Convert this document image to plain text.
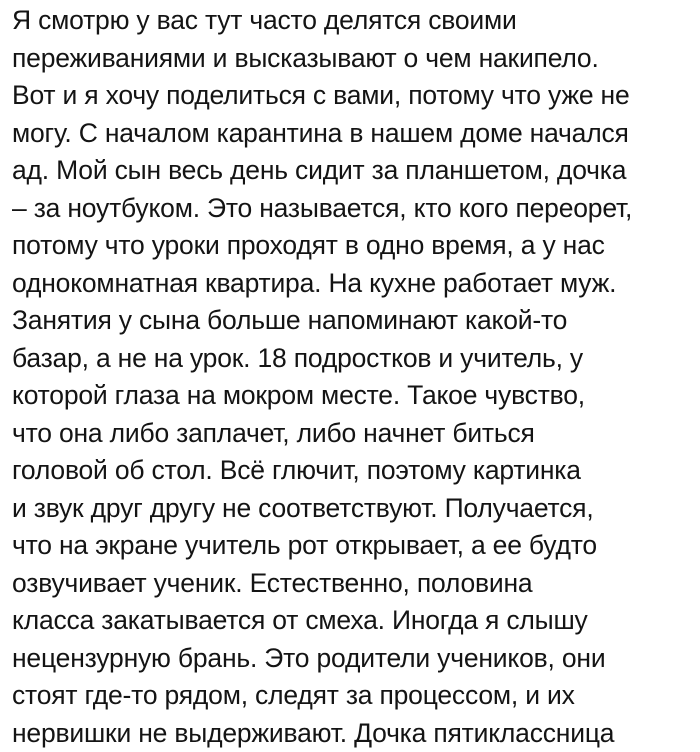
Я смотрю у вас тут часто делятся своими
переживаниями и высказывают о чем накипело.
Вот и я хочу поделиться с вами, потому что уже не
могу. С началом карантина в нашем доме начался
ад. Мой сын весь день сидит за планшетом, дочка
– за ноутбуком. Это называется, кто кого переорет,
потому что уроки проходят в одно время, а у нас
однокомнатная квартира. На кухне работает муж.
Занятия у сына больше напоминают какой-то
базар, а не на урок. 18 подростков и учитель, у
которой глаза на мокром месте. Такое чувство,
что она либо заплачет, либо начнет биться
головой об стол. Всё глючит, поэтому картинка
и звук друг другу не соответствуют. Получается,
что на экране учитель рот открывает, а ее будто
озвучивает ученик. Естественно, половина
класса закатывается от смеха. Иногда я слышу
нецензурную брань. Это родители учеников, они
стоят где-то рядом, следят за процессом, и их
нервишки не выдерживают. Дочка пятиклассница
